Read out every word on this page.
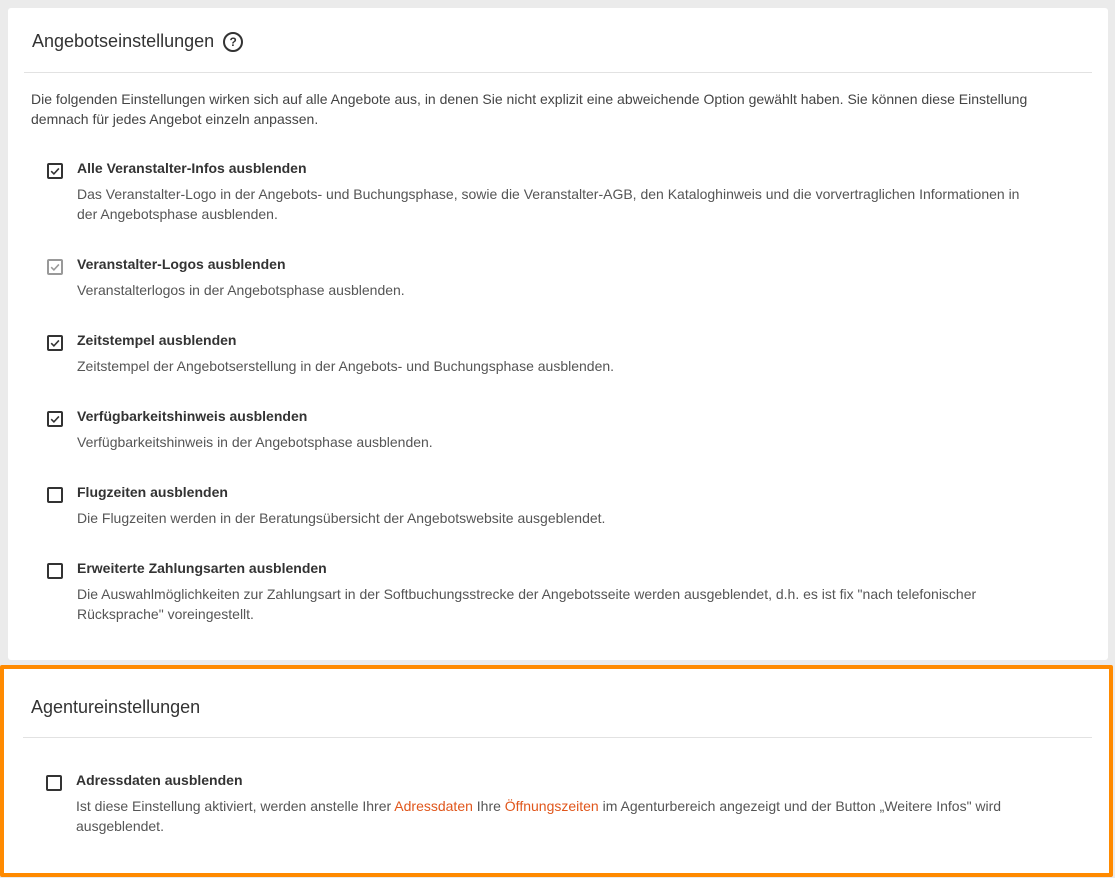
Angebotseinstellungen	?

Die folgenden Einstellungen wirken sich auf alle Angebote aus, in denen Sie nicht explizit eine abweichende Option gewählt haben. Sie können diese Einstellung demnach für jedes Angebot einzeln anpassen.

Alle Veranstalter-Infos ausblenden
Das Veranstalter-Logo in der Angebots- und Buchungsphase, sowie die Veranstalter-AGB, den Kataloghinweis und die vorvertraglichen Informationen in der Angebotsphase ausblenden.
Veranstalter-Logos ausblenden
Veranstalterlogos in der Angebotsphase ausblenden.
Zeitstempel ausblenden
Zeitstempel der Angebotserstellung in der Angebots- und Buchungsphase ausblenden.
Verfügbarkeitshinweis ausblenden
Verfügbarkeitshinweis in der Angebotsphase ausblenden.
Flugzeiten ausblenden
Die Flugzeiten werden in der Beratungsübersicht der Angebotswebsite ausgeblendet.
Erweiterte Zahlungsarten ausblenden
Die Auswahlmöglichkeiten zur Zahlungsart in der Softbuchungsstrecke der Angebotsseite werden ausgeblendet, d.h. es ist fix "nach telefonischer Rücksprache" voreingestellt.
Agentureinstellungen
Adressdaten ausblenden
Ist diese Einstellung aktiviert, werden anstelle Ihrer Adressdaten Ihre Öffnungszeiten im Agenturbereich angezeigt und der Button „Weitere Infos" wird ausgeblendet.
